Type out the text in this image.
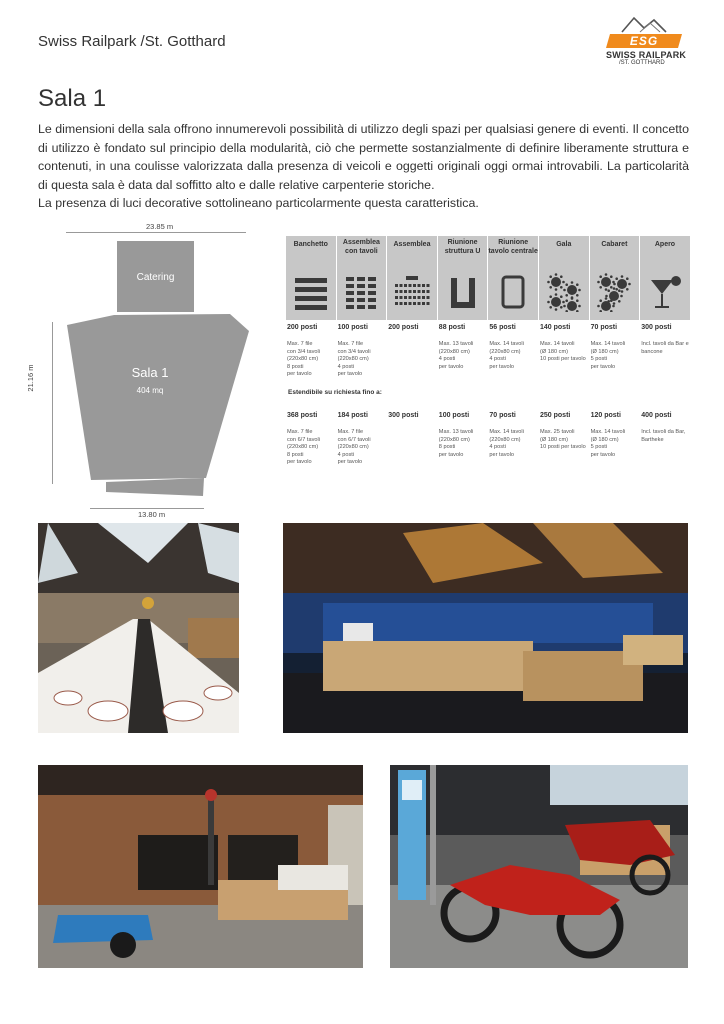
Swiss Railpark /St. Gotthard	ESG
SWISS RAILPARK
/ST. GOTTHARD
Sala 1

Le dimensioni della sala offrono innumerevoli possibilità di utilizzo degli spazi per qualsiasi genere di eventi. Il concetto di utilizzo è fondato sul principio della modularità, ciò che permette sostanzialmente di definire liberamente struttura e contenuti, in una coulisse valorizzata dalla presenza di veicoli e oggetti originali oggi ormai introvabili. La particolarità di questa sala è data dal soffitto alto e dalle relative carpenterie storiche.
La presenza di luci decorative sottolineano particolarmente questa caratteristica.

23.85 m
21.16 m
Catering
Sala 1
404 mq
13.80 m
Banchetto
200 posti
Max. 7 file
con 3/4 tavoli
(220x80 cm)
8 posti
per tavolo
368 posti
Max. 7 file
con 6/7 tavoli
(220x80 cm)
8 posti
per tavolo
Assemblea con tavoli
100 posti
Max. 7 file
con 3/4 tavoli
(220x80 cm)
4 posti
per tavolo
184 posti
Max. 7 file
con 6/7 tavoli
(220x80 cm)
4 posti
per tavolo
Assemblea
200 posti
300 posti
Riunione struttura U
88 posti
Max. 13 tavoli
(220x80 cm)
4 posti
per tavolo
100 posti
Max. 13 tavoli
(220x80 cm)
8 posti
per tavolo
Riunione tavolo centrale
56 posti
Max. 14 tavoli
(220x80 cm)
4 posti
per tavolo
70 posti
Max. 14 tavoli
(220x80 cm)
4 posti
per tavolo
Gala
140 posti
Max. 14 tavoli
(Ø 180 cm)
10 posti per tavolo
250 posti
Max. 25 tavoli
(Ø 180 cm)
10 posti per tavolo
Cabaret
70 posti
Max. 14 tavoli
(Ø 180 cm)
5 posti
per tavolo
120 posti
Max. 14 tavoli
(Ø 180 cm)
5 posti
per tavolo
Apero
300 posti
Incl. tavoli da Bar e
bancone
400 posti
Incl. tavoli da Bar,
Bartheke
Estendibile su richiesta fino a:
